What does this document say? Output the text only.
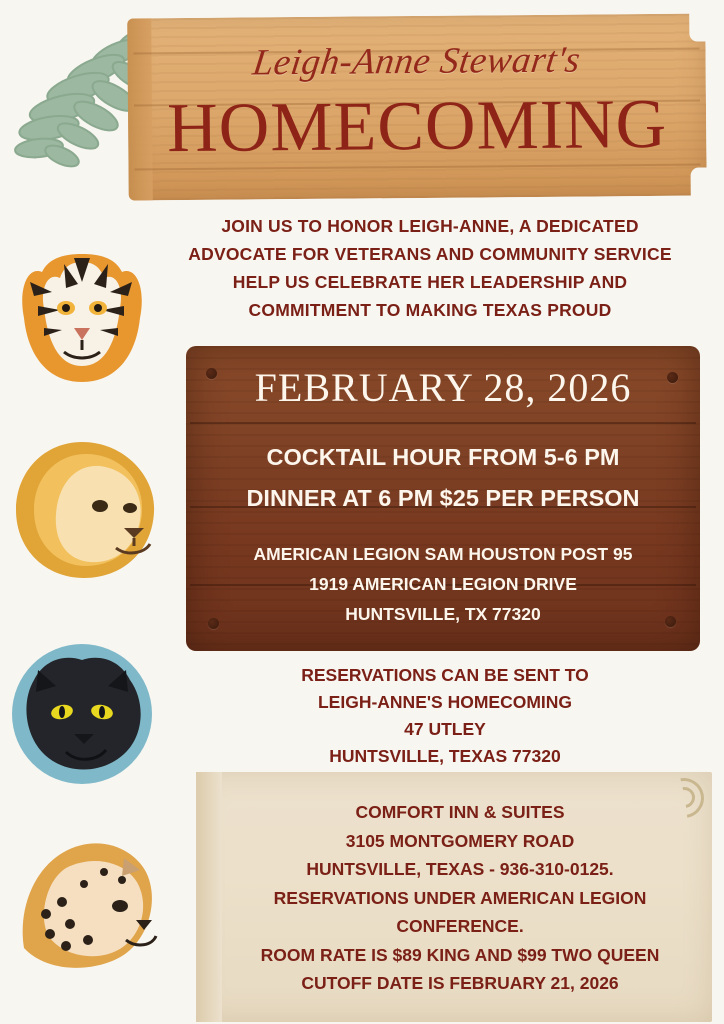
Leigh-Anne Stewart's
HOMECOMING
JOIN US TO HONOR LEIGH-ANNE, A DEDICATED
ADVOCATE FOR VETERANS AND COMMUNITY SERVICE
HELP US CELEBRATE HER LEADERSHIP AND
COMMITMENT TO MAKING TEXAS PROUD
FEBRUARY 28, 2026
COCKTAIL HOUR FROM 5-6 PM
DINNER AT 6 PM $25 PER PERSON
AMERICAN LEGION SAM HOUSTON POST 95
1919 AMERICAN LEGION DRIVE
HUNTSVILLE, TX 77320
RESERVATIONS CAN BE SENT TO
LEIGH-ANNE'S HOMECOMING
47 UTLEY
HUNTSVILLE, TEXAS 77320
COMFORT INN & SUITES
3105 MONTGOMERY ROAD
HUNTSVILLE, TEXAS - 936-310-0125.
RESERVATIONS UNDER AMERICAN LEGION
CONFERENCE.
ROOM RATE IS $89 KING AND $99 TWO QUEEN
CUTOFF DATE IS FEBRUARY 21, 2026
